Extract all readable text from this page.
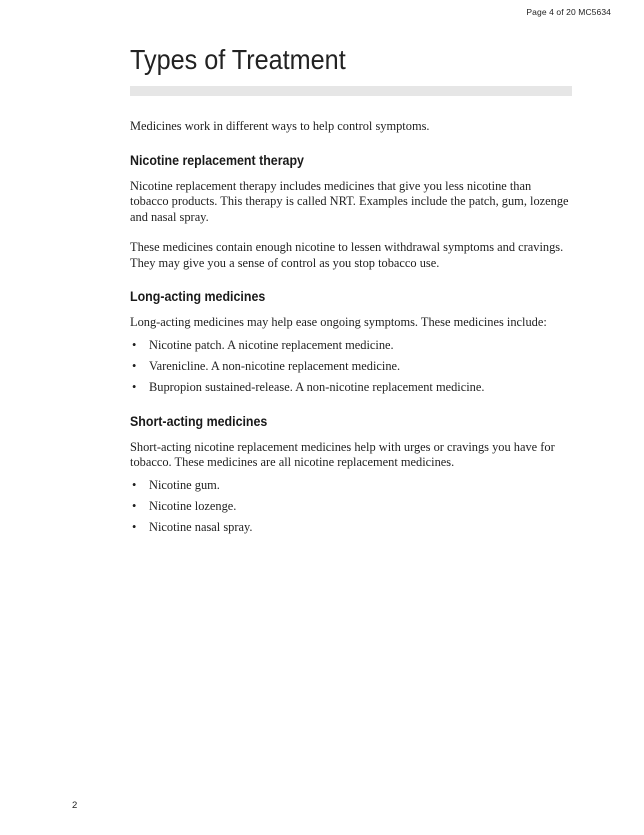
Page 4 of 20 MC5634
Types of Treatment

Medicines work in different ways to help control symptoms.

Nicotine replacement therapy

Nicotine replacement therapy includes medicines that give you less nicotine than tobacco products. This therapy is called NRT. Examples include the patch, gum, lozenge and nasal spray.

These medicines contain enough nicotine to lessen withdrawal symptoms and cravings. They may give you a sense of control as you stop tobacco use.

Long-acting medicines

Long-acting medicines may help ease ongoing symptoms. These medicines include:

• Nicotine patch. A nicotine replacement medicine.
• Varenicline. A non-nicotine replacement medicine.
• Bupropion sustained-release. A non-nicotine replacement medicine.
Short-acting medicines

Short-acting nicotine replacement medicines help with urges or cravings you have for tobacco. These medicines are all nicotine replacement medicines.

• Nicotine gum.
• Nicotine lozenge.
• Nicotine nasal spray.
2
